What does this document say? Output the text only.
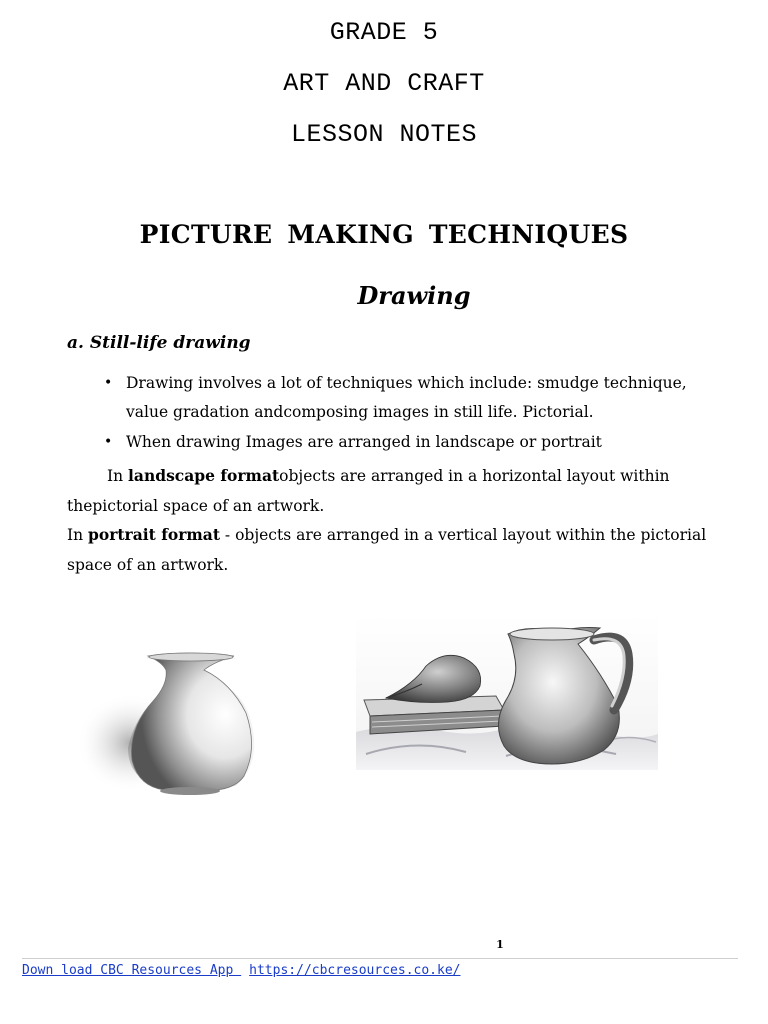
GRADE 5
ART AND CRAFT
LESSON NOTES
PICTURE MAKING TECHNIQUES
Drawing
a. Still-life drawing
• Drawing involves a lot of techniques which include: smudge technique, value gradation andcomposing images in still life. Pictorial.
• When drawing Images are arranged in landscape or portrait
In landscape formatobjects are arranged in a horizontal layout within thepictorial space of an artwork.
In portrait format - objects are arranged in a vertical layout within the pictorial space of an artwork.
1
Down load CBC Resources App https://cbcresources.co.ke/
